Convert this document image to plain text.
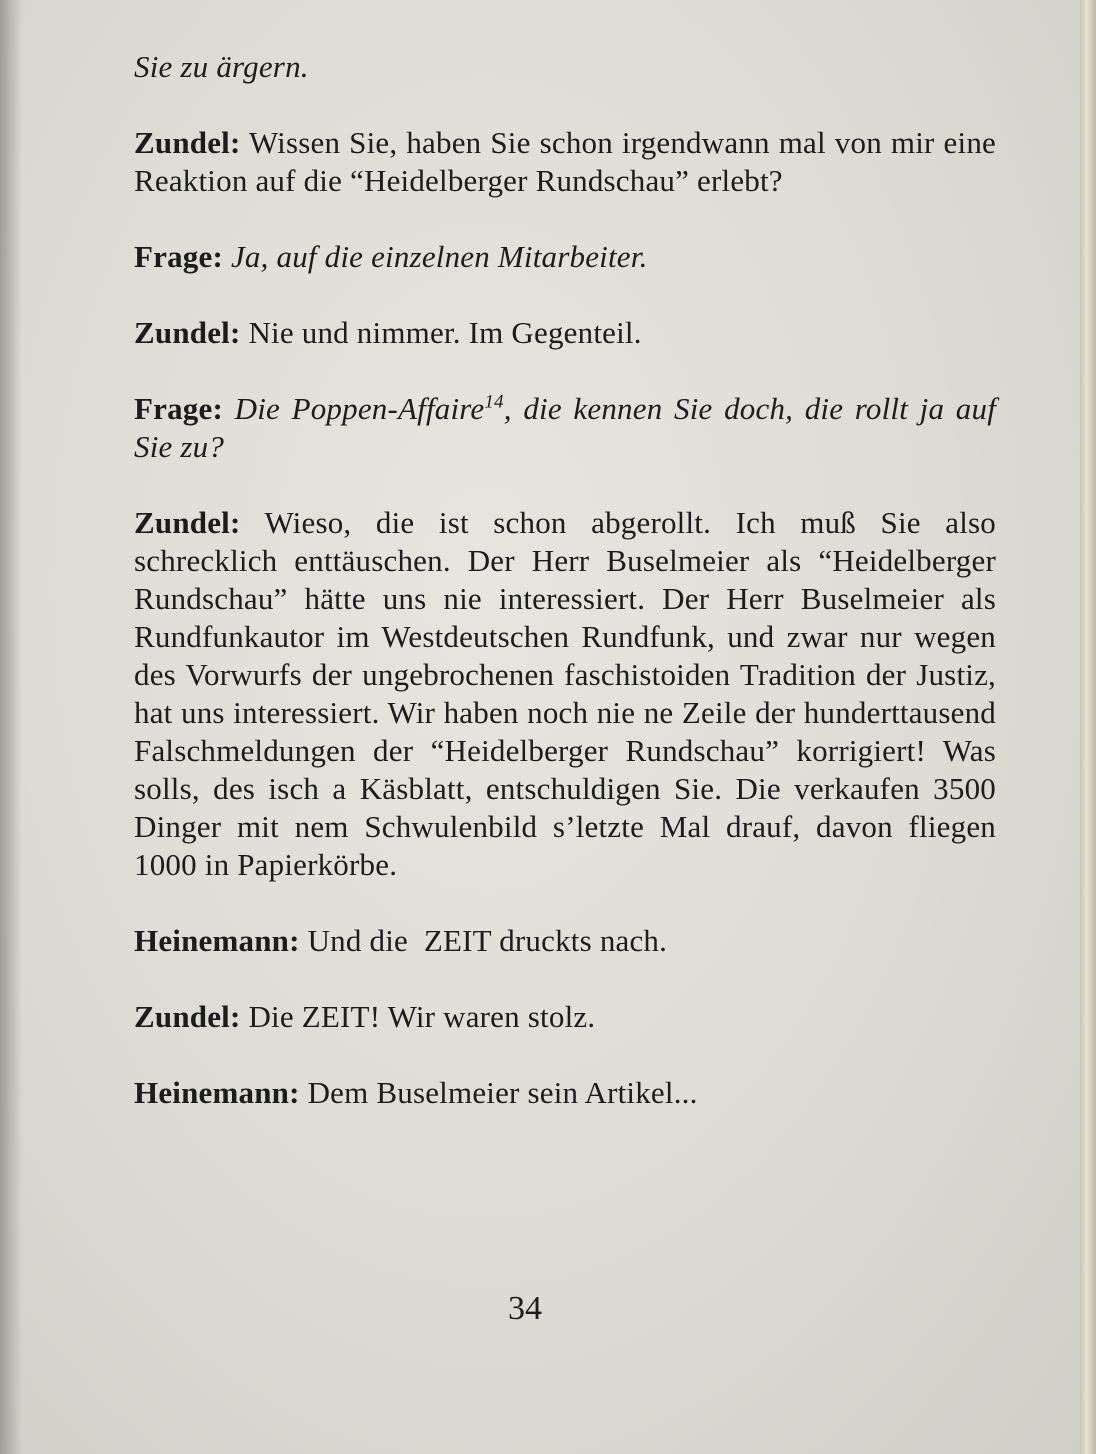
Sie zu ärgern.

Zundel: Wissen Sie, haben Sie schon irgendwann mal von mir eine Reaktion auf die “Heidelberger Rundschau” erlebt?

Frage: Ja, auf die einzelnen Mitarbeiter.

Zundel: Nie und nimmer. Im Gegenteil.

Frage: Die Poppen-Affaire$^{14}$, die kennen Sie doch, die rollt ja auf Sie zu?

Zundel: Wieso, die ist schon abgerollt. Ich muß Sie also schrecklich enttäuschen. Der Herr Buselmeier als “Heidelberger Rundschau” hätte uns nie interessiert. Der Herr Buselmeier als Rundfunkautor im Westdeutschen Rundfunk, und zwar nur wegen des Vorwurfs der ungebrochenen faschistoiden Tradition der Justiz, hat uns interessiert. Wir haben noch nie ne Zeile der hunderttausend Falschmeldungen der “Heidelberger Rundschau” korrigiert! Was solls, des isch a Käsblatt, entschuldigen Sie. Die verkaufen 3500 Dinger mit nem Schwulenbild s’letzte Mal drauf, davon fliegen 1000 in Papierkörbe.

Heinemann: Und die  ZEIT druckts nach.

Zundel: Die ZEIT! Wir waren stolz.

Heinemann: Dem Buselmeier sein Artikel...

34
